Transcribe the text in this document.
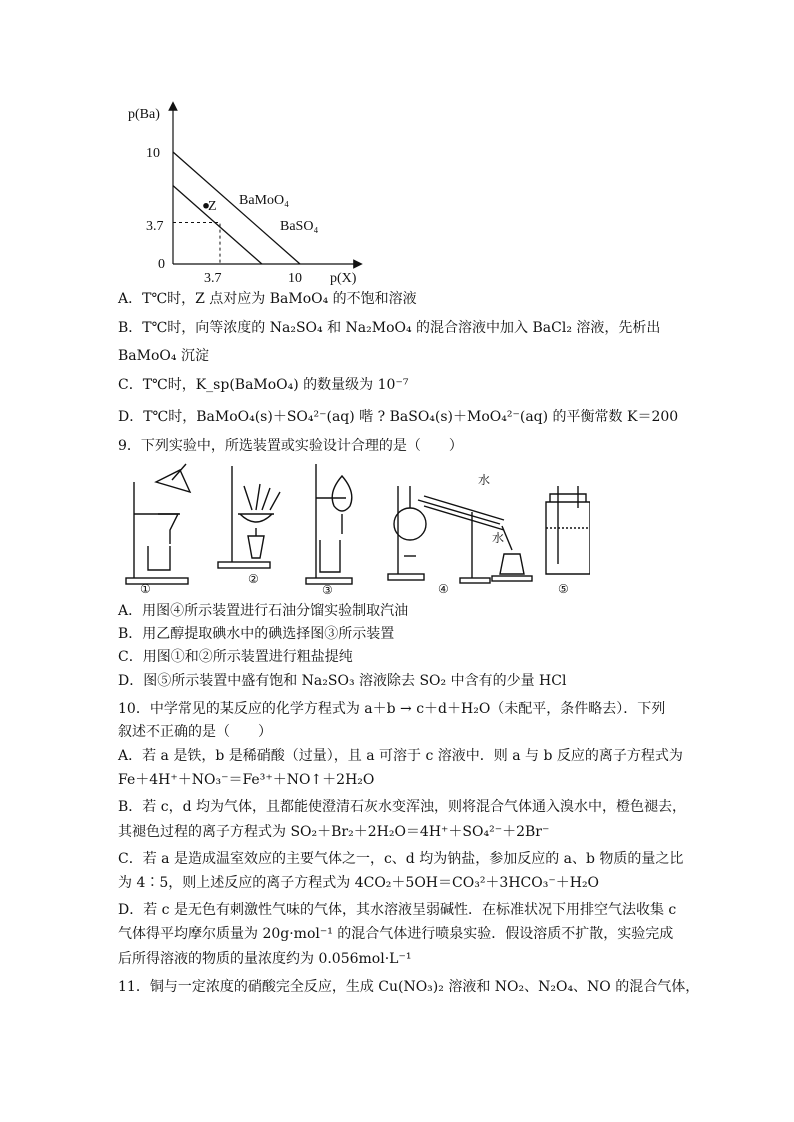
p(Ba)
p(X)
10
3.7
0
3.7	10
BaMoO₄
BaSO₄
Z
A．T℃时，Z 点对应为 BaMoO₄ 的不饱和溶液
B．T℃时，向等浓度的 Na₂SO₄ 和 Na₂MoO₄ 的混合溶液中加入 BaCl₂ 溶液，先析出
BaMoO₄ 沉淀
C．T℃时，K_sp(BaMoO₄) 的数量级为 10⁻⁷
D．T℃时，BaMoO₄(s)＋SO₄²⁻(aq) 喈 ? BaSO₄(s)＋MoO₄²⁻(aq) 的平衡常数 K＝200
9．下列实验中，所选装置或实验设计合理的是（　　）
①
②
③	④	⑤
水
水
A．用图④所示装置进行石油分馏实验制取汽油
B．用乙醇提取碘水中的碘选择图③所示装置
C．用图①和②所示装置进行粗盐提纯
D．图⑤所示装置中盛有饱和 Na₂SO₃ 溶液除去 SO₂ 中含有的少量 HCl
10．中学常见的某反应的化学方程式为 a＋b → c＋d＋H₂O（未配平，条件略去）．下列
叙述不正确的是（　　）
A．若 a 是铁，b 是稀硝酸（过量），且 a 可溶于 c 溶液中．则 a 与 b 反应的离子方程式为
Fe＋4H⁺＋NO₃⁻＝Fe³⁺＋NO↑＋2H₂O
B．若 c，d 均为气体，且都能使澄清石灰水变浑浊，则将混合气体通入溴水中，橙色褪去，
其褪色过程的离子方程式为 SO₂＋Br₂＋2H₂O＝4H⁺＋SO₄²⁻＋2Br⁻
C．若 a 是造成温室效应的主要气体之一，c、d 均为钠盐，参加反应的 a、b 物质的量之比
为 4∶5，则上述反应的离子方程式为 4CO₂＋5OH＝CO₃²＋3HCO₃⁻＋H₂O
D．若 c 是无色有刺激性气味的气体，其水溶液呈弱碱性．在标准状况下用排空气法收集 c
气体得平均摩尔质量为 20g·mol⁻¹ 的混合气体进行喷泉实验．假设溶质不扩散，实验完成
后所得溶液的物质的量浓度约为 0.056mol·L⁻¹
11．铜与一定浓度的硝酸完全反应，生成 Cu(NO₃)₂ 溶液和 NO₂、N₂O₄、NO 的混合气体，
